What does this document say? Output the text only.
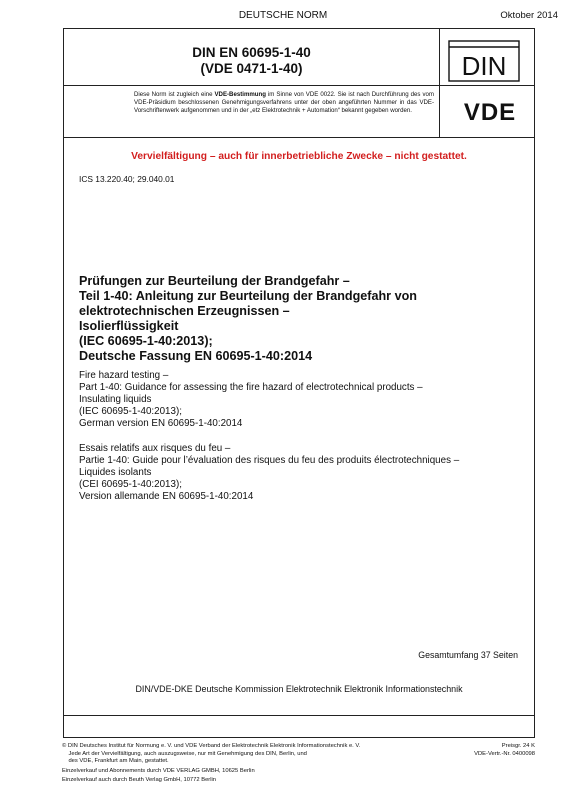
DEUTSCHE NORM	Oktober 2014
DIN EN 60695-1-40
(VDE 0471-1-40)	DIN
Diese Norm ist zugleich eine VDE-Bestimmung im Sinne von VDE 0022. Sie ist nach Durchführung des vom VDE-Präsidium beschlossenen Genehmigungsverfahrens unter der oben angeführten Nummer in das VDE-Vorschriftenwerk aufgenommen und in der „etz Elektrotechnik + Automation“ bekannt gegeben worden.	VDE
Vervielfältigung – auch für innerbetriebliche Zwecke – nicht gestattet.
ICS 13.220.40; 29.040.01
Prüfungen zur Beurteilung der Brandgefahr –
Teil 1-40: Anleitung zur Beurteilung der Brandgefahr von
elektrotechnischen Erzeugnissen –
Isolierflüssigkeit
(IEC 60695-1-40:2013);
Deutsche Fassung EN 60695-1-40:2014
Fire hazard testing –
Part 1-40: Guidance for assessing the fire hazard of electrotechnical products –
Insulating liquids
(IEC 60695-1-40:2013);
German version EN 60695-1-40:2014
Essais relatifs aux risques du feu –
Partie 1-40: Guide pour l’évaluation des risques du feu des produits électrotechniques –
Liquides isolants
(CEI 60695-1-40:2013);
Version allemande EN 60695-1-40:2014
Gesamtumfang 37 Seiten
DIN/VDE-DKE Deutsche Kommission Elektrotechnik Elektronik Informationstechnik
© DIN Deutsches Institut für Normung e. V. und VDE Verband der Elektrotechnik Elektronik Informationstechnik e. V.
Jede Art der Vervielfältigung, auch auszugsweise, nur mit Genehmigung des DIN, Berlin, und
des VDE, Frankfurt am Main, gestattet.
Einzelverkauf und Abonnements durch VDE VERLAG GMBH, 10625 Berlin
Einzelverkauf auch durch Beuth Verlag GmbH, 10772 Berlin
Preisgr. 24 K
VDE-Vertr.-Nr. 0400098
